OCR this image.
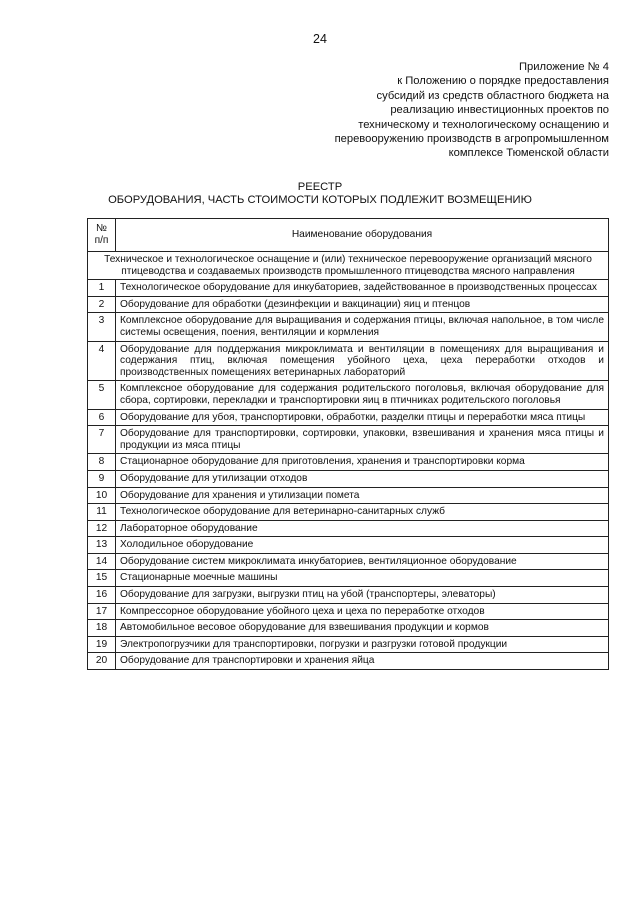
24
Приложение № 4
к Положению о порядке предоставления
субсидий из средств областного бюджета на
реализацию инвестиционных проектов по
техническому и технологическому оснащению и
перевооружению производств в агропромышленном
комплексе Тюменской области
РЕЕСТР
ОБОРУДОВАНИЯ, ЧАСТЬ СТОИМОСТИ КОТОРЫХ ПОДЛЕЖИТ ВОЗМЕЩЕНИЮ
№
п/п	Наименование оборудования
Техническое и технологическое оснащение и (или) техническое перевооружение организаций мясного птицеводства и создаваемых производств промышленного птицеводства мясного направления	
1	Технологическое оборудование для инкубаториев, задействованное в производственных процессах
2	Оборудование для обработки (дезинфекции и вакцинации) яиц и птенцов
3	Комплексное оборудование для выращивания и содержания птицы, включая напольное, в том числе системы освещения, поения, вентиляции и кормления
4	Оборудование для поддержания микроклимата и вентиляции в помещениях для выращивания и содержания птиц, включая помещения убойного цеха, цеха переработки отходов и производственных помещениях ветеринарных лабораторий
5	Комплексное оборудование для содержания родительского поголовья, включая оборудование для сбора, сортировки, перекладки и транспортировки яиц в птичниках родительского поголовья
6	Оборудование для убоя, транспортировки, обработки, разделки птицы и переработки мяса птицы
7	Оборудование для транспортировки, сортировки, упаковки, взвешивания и хранения мяса птицы и продукции из мяса птицы
8	Стационарное оборудование для приготовления, хранения и транспортировки корма
9	Оборудование для утилизации отходов
10	Оборудование для хранения и утилизации помета
11	Технологическое оборудование для ветеринарно-санитарных служб
12	Лабораторное оборудование
13	Холодильное оборудование
14	Оборудование систем микроклимата инкубаториев, вентиляционное оборудование
15	Стационарные моечные машины
16	Оборудование для загрузки, выгрузки птиц на убой (транспортеры, элеваторы)
17	Компрессорное оборудование убойного цеха и цеха по переработке отходов
18	Автомобильное весовое оборудование для взвешивания продукции и кормов
19	Электропогрузчики для транспортировки, погрузки и разгрузки готовой продукции
20	Оборудование для транспортировки и хранения яйца
